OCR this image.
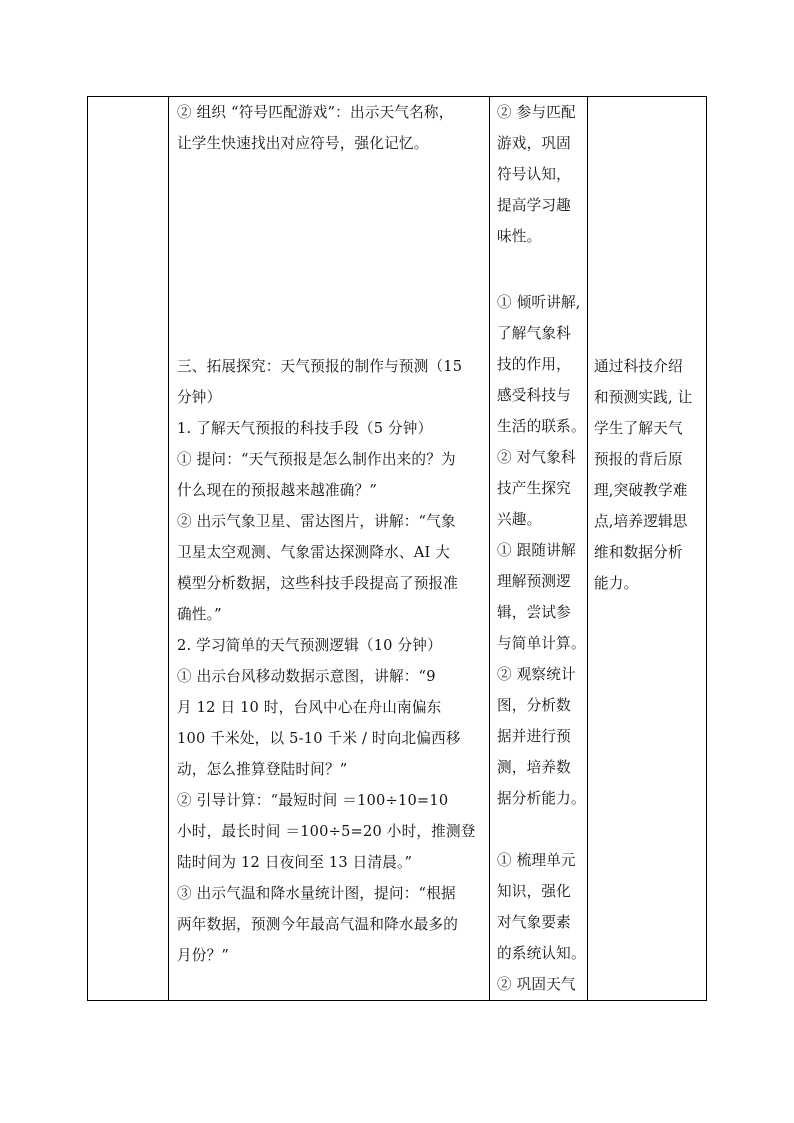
② 组织 “符号匹配游戏”：出示天气名称，
让学生快速找出对应符号，强化记忆。
三、拓展探究：天气预报的制作与预测（15
分钟）
1. 了解天气预报的科技手段（5 分钟）
① 提问：“天气预报是怎么制作出来的？为
什么现在的预报越来越准确？”
② 出示气象卫星、雷达图片，讲解：“气象
卫星太空观测、气象雷达探测降水、AI 大
模型分析数据，这些科技手段提高了预报准
确性。”
2. 学习简单的天气预测逻辑（10 分钟）
① 出示台风移动数据示意图，讲解：“9
月 12 日 10 时，台风中心在舟山南偏东
100 千米处，以 5-10 千米 / 时向北偏西移
动，怎么推算登陆时间？”
② 引导计算：“最短时间 ＝100÷10=10
小时，最长时间 ＝100÷5=20 小时，推测登
陆时间为 12 日夜间至 13 日清晨。”
③ 出示气温和降水量统计图，提问：“根据
两年数据，预测今年最高气温和降水最多的
月份？”
② 参与匹配
游戏，巩固
符号认知，
提高学习趣
味性。
① 倾听讲解,
了解气象科
技的作用，
感受科技与
生活的联系。
② 对气象科
技产生探究
兴趣。
① 跟随讲解
理解预测逻
辑，尝试参
与简单计算。
② 观察统计
图，分析数
据并进行预
测，培养数
据分析能力。
① 梳理单元
知识，强化
对气象要素
的系统认知。
② 巩固天气
通过科技介绍
和预测实践, 让
学生了解天气
预报的背后原
理,突破教学难
点,培养逻辑思
维和数据分析
能力。
